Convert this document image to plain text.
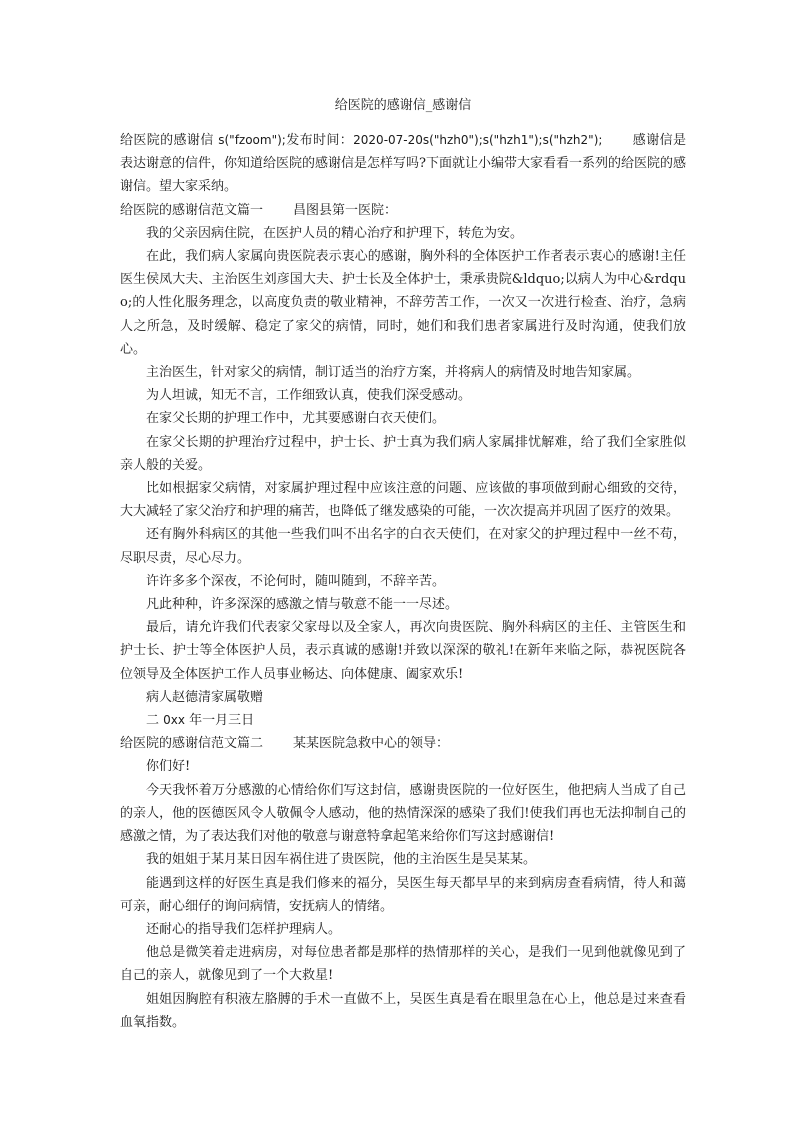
给医院的感谢信_感谢信

给医院的感谢信 s("fzoom");发布时间：2020-07-20s("hzh0");s("hzh1");s("hzh2"); 感谢信是表达谢意的信件，你知道给医院的感谢信是怎样写吗?下面就让小编带大家看看一系列的给医院的感谢信。望大家采纳。

给医院的感谢信范文篇一 昌图县第一医院：

我的父亲因病住院，在医护人员的精心治疗和护理下，转危为安。

在此，我们病人家属向贵医院表示衷心的感谢，胸外科的全体医护工作者表示衷心的感谢!主任医生侯凤大夫、主治医生刘彦国大夫、护士长及全体护士，秉承贵院&ldquo;以病人为中心&rdquo;的人性化服务理念，以高度负责的敬业精神，不辞劳苦工作，一次又一次进行检查、治疗，急病人之所急，及时缓解、稳定了家父的病情，同时，她们和我们患者家属进行及时沟通，使我们放心。

主治医生，针对家父的病情，制订适当的治疗方案，并将病人的病情及时地告知家属。

为人坦诚，知无不言，工作细致认真，使我们深受感动。

在家父长期的护理工作中，尤其要感谢白衣天使们。

在家父长期的护理治疗过程中，护士长、护士真为我们病人家属排忧解难，给了我们全家胜似亲人般的关爱。

比如根据家父病情，对家属护理过程中应该注意的问题、应该做的事项做到耐心细致的交待，大大减轻了家父治疗和护理的痛苦，也降低了继发感染的可能，一次次提高并巩固了医疗的效果。

还有胸外科病区的其他一些我们叫不出名字的白衣天使们，在对家父的护理过程中一丝不苟，尽职尽责，尽心尽力。

许许多多个深夜，不论何时，随叫随到，不辞辛苦。

凡此种种，许多深深的感激之情与敬意不能一一尽述。

最后，请允许我们代表家父家母以及全家人，再次向贵医院、胸外科病区的主任、主管医生和护士长、护士等全体医护人员，表示真诚的感谢!并致以深深的敬礼!在新年来临之际，恭祝医院各位领导及全体医护工作人员事业畅达、向体健康、阖家欢乐!

病人赵德清家属敬赠

二 0xx 年一月三日

给医院的感谢信范文篇二 某某医院急救中心的领导：

你们好!

今天我怀着万分感激的心情给你们写这封信，感谢贵医院的一位好医生，他把病人当成了自己的亲人，他的医德医风令人敬佩令人感动，他的热情深深的感染了我们!使我们再也无法抑制自己的感激之情，为了表达我们对他的敬意与谢意特拿起笔来给你们写这封感谢信!

我的姐姐于某月某日因车祸住进了贵医院，他的主治医生是吴某某。

能遇到这样的好医生真是我们修来的福分，吴医生每天都早早的来到病房查看病情，待人和蔼可亲，耐心细仔的询问病情，安抚病人的情绪。

还耐心的指导我们怎样护理病人。

他总是微笑着走进病房，对每位患者都是那样的热情那样的关心，是我们一见到他就像见到了自己的亲人，就像见到了一个大救星!

姐姐因胸腔有积液左胳膊的手术一直做不上，吴医生真是看在眼里急在心上，他总是过来查看血氧指数。
